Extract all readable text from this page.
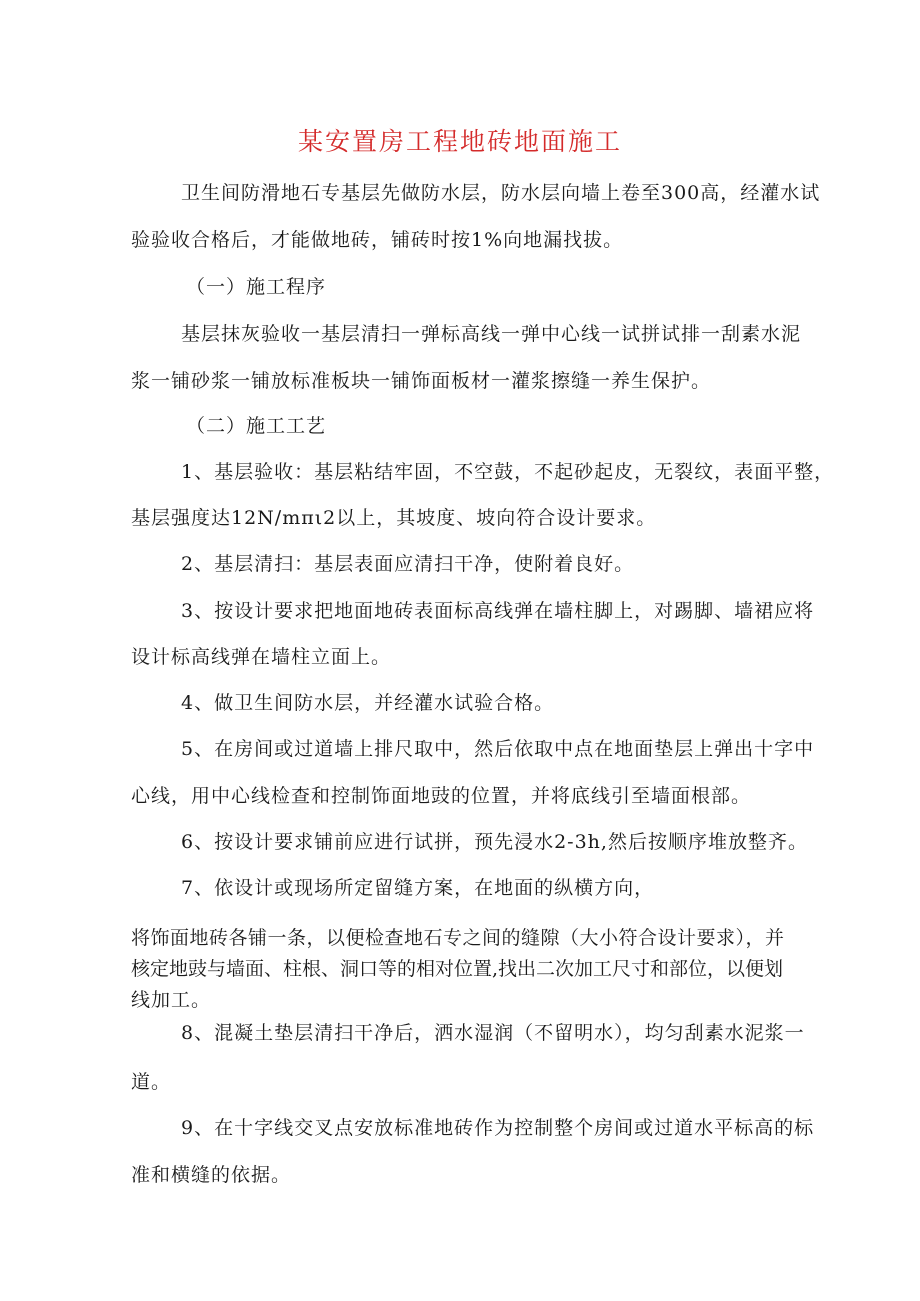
某安置房工程地砖地面施工

卫生间防滑地石专基层先做防水层，防水层向墙上卷至300高，经灌水试

验验收合格后，才能做地砖，铺砖时按1%向地漏找拔。

（一）施工程序

基层抹灰验收一基层清扫一弹标高线一弹中心线一试拼试排一刮素水泥

浆一铺砂浆一铺放标准板块一铺饰面板材一灌浆擦缝一养生保护。

（二）施工工艺

1、基层验收：基层粘结牢固，不空鼓，不起砂起皮，无裂纹，表面平整，

基层强度达12N∕mπι2以上，其坡度、坡向符合设计要求。

2、基层清扫：基层表面应清扫干净，使附着良好。

3、按设计要求把地面地砖表面标高线弹在墙柱脚上，对踢脚、墙裙应将

设计标高线弹在墙柱立面上。

4、做卫生间防水层，并经灌水试验合格。

5、在房间或过道墙上排尺取中，然后依取中点在地面垫层上弹出十字中

心线，用中心线检查和控制饰面地豉的位置，并将底线引至墙面根部。

6、按设计要求铺前应进行试拼，预先浸水2-3h,然后按顺序堆放整齐。

7、依设计或现场所定留缝方案，在地面的纵横方向，

将饰面地砖各铺一条，以便检查地石专之间的缝隙（大小符合设计要求），并

核定地豉与墙面、柱根、洞口等的相对位置,找出二次加工尺寸和部位，以便划

线加工。

8、混凝土垫层清扫干净后，洒水湿润（不留明水），均匀刮素水泥浆一

道。

9、在十字线交叉点安放标准地砖作为控制整个房间或过道水平标高的标

准和横缝的依据。
